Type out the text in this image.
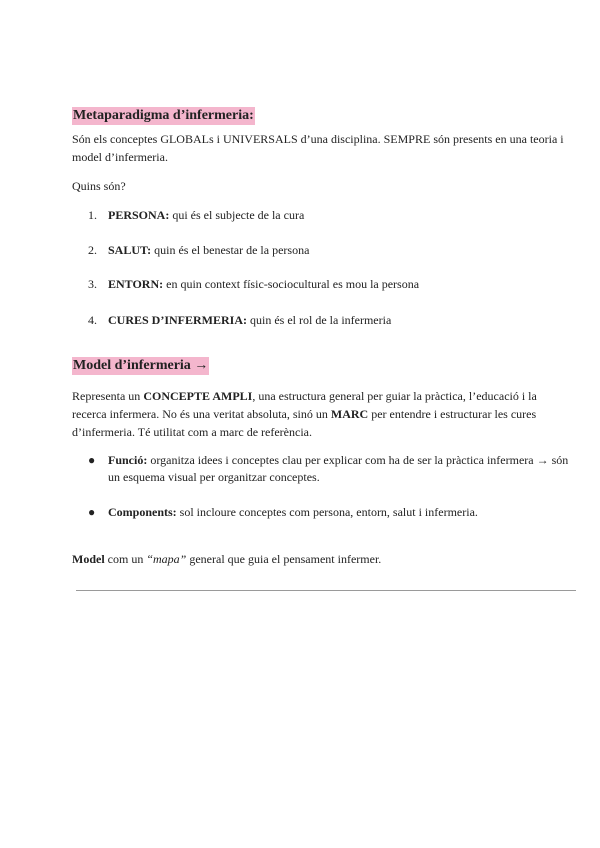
Metaparadigma d’infermeria:

Són els conceptes GLOBALs i UNIVERSALS d’una disciplina. SEMPRE són presents en una teoria i model d’infermeria.

Quins són?

1. PERSONA: qui és el subjecte de la cura
2. SALUT: quin és el benestar de la persona
3. ENTORN: en quin context físic-sociocultural es mou la persona
4. CURES D’INFERMERIA: quin és el rol de la infermeria
Model d’infermeria →

Representa un CONCEPTE AMPLI, una estructura general per guiar la pràctica, l’educació i la recerca infermera. No és una veritat absoluta, sinó un MARC per entendre i estructurar les cures d’infermeria. Té utilitat com a marc de referència.

● Funció: organitza idees i conceptes clau per explicar com ha de ser la pràctica infermera → són un esquema visual per organitzar conceptes.
● Components: sol incloure conceptes com persona, entorn, salut i infermeria.

Model com un “mapa” general que guia el pensament infermer.
